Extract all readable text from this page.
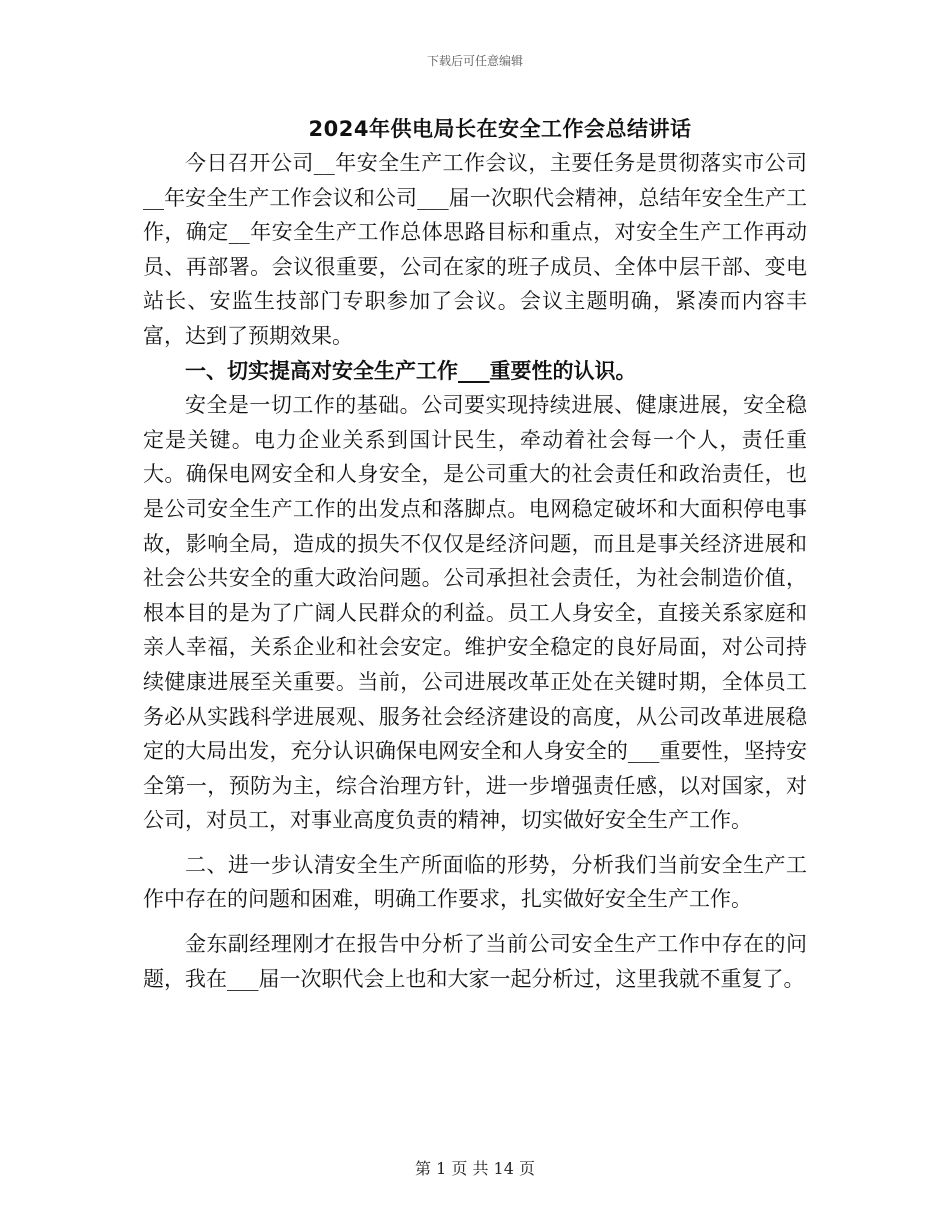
下载后可任意编辑
2024年供电局长在安全工作会总结讲话

今日召开公司__年安全生产工作会议，主要任务是贯彻落实市公司__年安全生产工作会议和公司___届一次职代会精神，总结年安全生产工作，确定__年安全生产工作总体思路目标和重点，对安全生产工作再动员、再部署。会议很重要，公司在家的班子成员、全体中层干部、变电站长、安监生技部门专职参加了会议。会议主题明确，紧凑而内容丰富，达到了预期效果。

一、切实提高对安全生产工作___重要性的认识。

安全是一切工作的基础。公司要实现持续进展、健康进展，安全稳定是关键。电力企业关系到国计民生，牵动着社会每一个人，责任重大。确保电网安全和人身安全，是公司重大的社会责任和政治责任，也是公司安全生产工作的出发点和落脚点。电网稳定破坏和大面积停电事故，影响全局，造成的损失不仅仅是经济问题，而且是事关经济进展和社会公共安全的重大政治问题。公司承担社会责任，为社会制造价值，根本目的是为了广阔人民群众的利益。员工人身安全，直接关系家庭和亲人幸福，关系企业和社会安定。维护安全稳定的良好局面，对公司持续健康进展至关重要。当前，公司进展改革正处在关键时期，全体员工务必从实践科学进展观、服务社会经济建设的高度，从公司改革进展稳定的大局出发，充分认识确保电网安全和人身安全的___重要性，坚持安全第一，预防为主，综合治理方针，进一步增强责任感，以对国家，对公司，对员工，对事业高度负责的精神，切实做好安全生产工作。

二、进一步认清安全生产所面临的形势，分析我们当前安全生产工作中存在的问题和困难，明确工作要求，扎实做好安全生产工作。

金东副经理刚才在报告中分析了当前公司安全生产工作中存在的问题，我在___届一次职代会上也和大家一起分析过，这里我就不重复了。

第 1 页 共 14 页
